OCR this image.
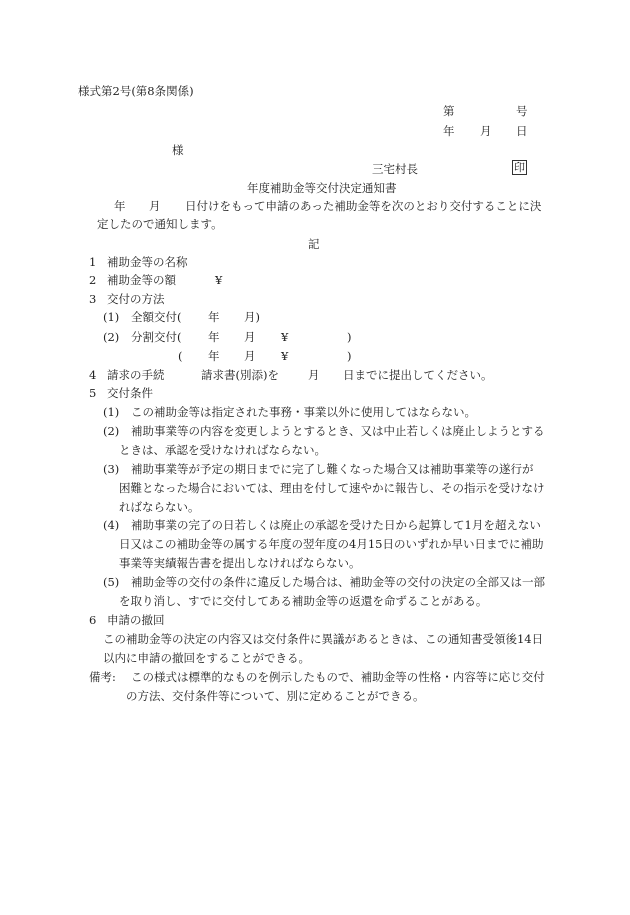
様式第2号(第8条関係)
第	号
年 月 日
様
三宅村長	印
年度補助金等交付決定通知書
年 月 日付けをもって申請のあった補助金等を次のとおり交付することに決
定したので通知します。
記
1 補助金等の名称
2 補助金等の額	¥
3 交付の方法
(1) 全額交付( 年 月)
(2) 分割交付( 年 月 ¥	)
( 年 月 ¥	)
4 請求の手続	請求書(別添)を	月 日までに提出してください。
5 交付条件
(1) この補助金等は指定された事務・事業以外に使用してはならない。
(2) 補助事業等の内容を変更しようとするとき、又は中止若しくは廃止しようとする
ときは、承認を受けなければならない。
(3) 補助事業等が予定の期日までに完了し難くなった場合又は補助事業等の遂行が
困難となった場合においては、理由を付して速やかに報告し、その指示を受けなけ
ればならない。
(4) 補助事業の完了の日若しくは廃止の承認を受けた日から起算して1月を超えない
日又はこの補助金等の属する年度の翌年度の4月15日のいずれか早い日までに補助
事業等実績報告書を提出しなければならない。
(5) 補助金等の交付の条件に違反した場合は、補助金等の交付の決定の全部又は一部
を取り消し、すでに交付してある補助金等の返還を命ずることがある。
6 申請の撤回
この補助金等の決定の内容又は交付条件に異議があるときは、この通知書受領後14日
以内に申請の撤回をすることができる。
備考: この様式は標準的なものを例示したもので、補助金等の性格・内容等に応じ交付
の方法、交付条件等について、別に定めることができる。
